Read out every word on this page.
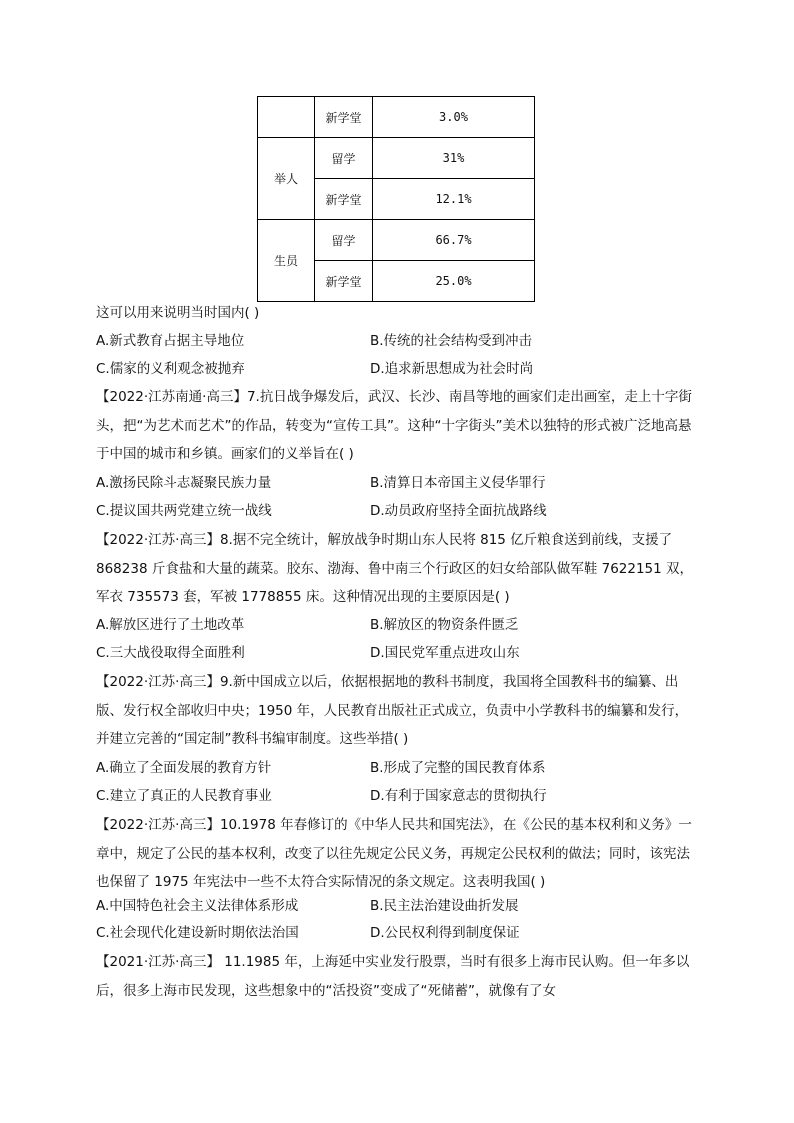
	新学堂	3.0%
举人	留学	31%
	新学堂	12.1%
生员	留学	66.7%
	新学堂	25.0%
这可以用来说明当时国内( )
A.新式教育占据主导地位	B.传统的社会结构受到冲击
C.儒家的义利观念被抛弃	D.追求新思想成为社会时尚
【2022·江苏南通·高三】7.抗日战争爆发后，武汉、长沙、南昌等地的画家们走出画室，走上十字街头，把“为艺术而艺术”的作品，转变为“宣传工具”。这种“十字街头”美术以独特的形式被广泛地高悬于中国的城市和乡镇。画家们的义举旨在( )
A.激扬民除斗志凝聚民族力量	B.清算日本帝国主义侵华罪行
C.提议国共两党建立统一战线	D.动员政府坚持全面抗战路线
【2022·江苏·高三】8.据不完全统计，解放战争时期山东人民将 815 亿斤粮食送到前线，支援了 868238 斤食盐和大量的蔬菜。胶东、渤海、鲁中南三个行政区的妇女给部队做军鞋 7622151 双，军衣 735573 套，军被 1778855 床。这种情况出现的主要原因是( )
A.解放区进行了土地改革	B.解放区的物资条件匮乏
C.三大战役取得全面胜利	D.国民党军重点进攻山东
【2022·江苏·高三】9.新中国成立以后，依据根据地的教科书制度，我国将全国教科书的编纂、出版、发行权全部收归中央；1950 年，人民教育出版社正式成立，负责中小学教科书的编纂和发行，并建立完善的“国定制”教科书编审制度。这些举措( )
A.确立了全面发展的教育方针	B.形成了完整的国民教育体系
C.建立了真正的人民教育事业	D.有利于国家意志的贯彻执行
【2022·江苏·高三】10.1978 年春修订的《中华人民共和国宪法》，在《公民的基本权利和义务》一章中，规定了公民的基本权利，改变了以往先规定公民义务，再规定公民权利的做法；同时，该宪法也保留了 1975 年宪法中一些不太符合实际情况的条文规定。这表明我国( )
A.中国特色社会主义法律体系形成	B.民主法治建设曲折发展
C.社会现代化建设新时期依法治国	D.公民权利得到制度保证
【2021·江苏·高三】 11.1985 年，上海延中实业发行股票，当时有很多上海市民认购。但一年多以后，很多上海市民发现，这些想象中的“活投资”变成了“死储蓄”，就像有了女
